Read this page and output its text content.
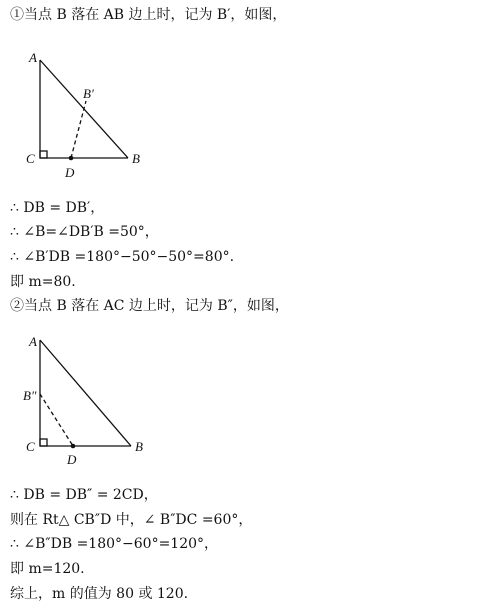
①当点 B 落在 AB 边上时，记为 B′，如图，
A
B′
C	B
D
A
B″
C	B
D
∴ DB = DB′，
∴ ∠B=∠DB′B =50°，
∴ ∠B′DB =180°−50°−50°=80°.
即 m=80.
②当点 B 落在 AC 边上时，记为 B″，如图，
∴ DB = DB″ = 2CD，
则在 Rt△ CB″D 中，∠ B″DC =60°，
∴ ∠B″DB =180°−60°=120°，
即 m=120.
综上，m 的值为 80 或 120.
